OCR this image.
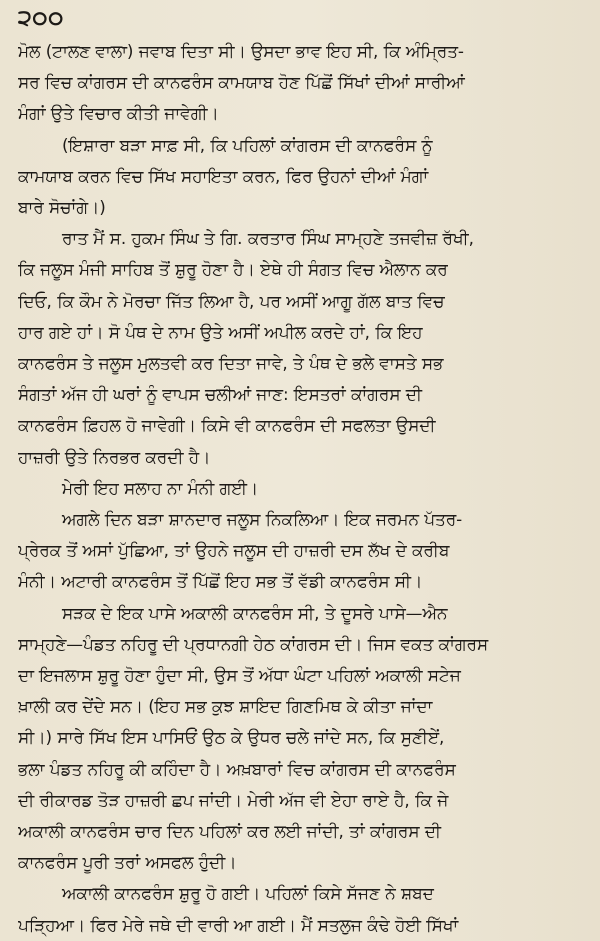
੨੦੦
ਮੋਲ (ਟਾਲਣ ਵਾਲਾ) ਜਵਾਬ ਦਿਤਾ ਸੀ। ਉਸਦਾ ਭਾਵ ਇਹ ਸੀ, ਕਿ ਅੰਮ੍ਰਿਤ-
ਸਰ ਵਿਚ ਕਾਂਗਰਸ ਦੀ ਕਾਨਫਰੰਸ ਕਾਮਯਾਬ ਹੋਣ ਪਿੱਛੋਂ ਸਿੱਖਾਂ ਦੀਆਂ ਸਾਰੀਆਂ
ਮੰਗਾਂ ਉਤੇ ਵਿਚਾਰ ਕੀਤੀ ਜਾਵੇਗੀ।
(ਇਸ਼ਾਰਾ ਬੜਾ ਸਾਫ਼ ਸੀ, ਕਿ ਪਹਿਲਾਂ ਕਾਂਗਰਸ ਦੀ ਕਾਨਫਰੰਸ ਨੂੰ
ਕਾਮਯਾਬ ਕਰਨ ਵਿਚ ਸਿੱਖ ਸਹਾਇਤਾ ਕਰਨ, ਫਿਰ ਉਹਨਾਂ ਦੀਆਂ ਮੰਗਾਂ
ਬਾਰੇ ਸੋਚਾਂਗੇ।)
ਰਾਤ ਮੈਂ ਸ. ਹੁਕਮ ਸਿੰਘ ਤੇ ਗਿ. ਕਰਤਾਰ ਸਿੰਘ ਸਾਮ੍ਹਣੇ ਤਜਵੀਜ਼ ਰੱਖੀ,
ਕਿ ਜਲੂਸ ਮੰਜੀ ਸਾਹਿਬ ਤੋਂ ਸ਼ੁਰੂ ਹੋਣਾ ਹੈ। ਏਥੇ ਹੀ ਸੰਗਤ ਵਿਚ ਐਲਾਨ ਕਰ
ਦਿਓ, ਕਿ ਕੌਮ ਨੇ ਮੋਰਚਾ ਜਿੱਤ ਲਿਆ ਹੈ, ਪਰ ਅਸੀਂ ਆਗੂ ਗੱਲ ਬਾਤ ਵਿਚ
ਹਾਰ ਗਏ ਹਾਂ। ਸੋ ਪੰਥ ਦੇ ਨਾਮ ਉਤੇ ਅਸੀਂ ਅਪੀਲ ਕਰਦੇ ਹਾਂ, ਕਿ ਇਹ
ਕਾਨਫਰੰਸ ਤੇ ਜਲੂਸ ਮੁਲਤਵੀ ਕਰ ਦਿਤਾ ਜਾਵੇ, ਤੇ ਪੰਥ ਦੇ ਭਲੇ ਵਾਸਤੇ ਸਭ
ਸੰਗਤਾਂ ਅੱਜ ਹੀ ਘਰਾਂ ਨੂੰ ਵਾਪਸ ਚਲੀਆਂ ਜਾਣ: ਇਸਤਰਾਂ ਕਾਂਗਰਸ ਦੀ
ਕਾਨਫਰੰਸ ਫ਼ਿਹਲ ਹੋ ਜਾਵੇਗੀ। ਕਿਸੇ ਵੀ ਕਾਨਫਰੰਸ ਦੀ ਸਫਲਤਾ ਉਸਦੀ
ਹਾਜ਼ਰੀ ਉਤੇ ਨਿਰਭਰ ਕਰਦੀ ਹੈ।
ਮੇਰੀ ਇਹ ਸਲਾਹ ਨਾ ਮੰਨੀ ਗਈ।
ਅਗਲੇ ਦਿਨ ਬੜਾ ਸ਼ਾਨਦਾਰ ਜਲੂਸ ਨਿਕਲਿਆ। ਇਕ ਜਰਮਨ ਪੱਤਰ-
ਪ੍ਰੇਰਕ ਤੋਂ ਅਸਾਂ ਪੁੱਛਿਆ, ਤਾਂ ਉਹਨੇ ਜਲੂਸ ਦੀ ਹਾਜ਼ਰੀ ਦਸ ਲੱਖ ਦੇ ਕਰੀਬ
ਮੰਨੀ। ਅਟਾਰੀ ਕਾਨਫਰੰਸ ਤੋਂ ਪਿੱਛੋਂ ਇਹ ਸਭ ਤੋਂ ਵੱਡੀ ਕਾਨਫਰੰਸ ਸੀ।
ਸੜਕ ਦੇ ਇਕ ਪਾਸੇ ਅਕਾਲੀ ਕਾਨਫਰੰਸ ਸੀ, ਤੇ ਦੂਸਰੇ ਪਾਸੇ—ਐਨ
ਸਾਮ੍ਹਣੇ—ਪੰਡਤ ਨਹਿਰੂ ਦੀ ਪ੍ਰਧਾਨਗੀ ਹੇਠ ਕਾਂਗਰਸ ਦੀ। ਜਿਸ ਵਕਤ ਕਾਂਗਰਸ
ਦਾ ਇਜਲਾਸ ਸ਼ੁਰੂ ਹੋਣਾ ਹੁੰਦਾ ਸੀ, ਉਸ ਤੋਂ ਅੱਧਾ ਘੰਟਾ ਪਹਿਲਾਂ ਅਕਾਲੀ ਸਟੇਜ
ਖ਼ਾਲੀ ਕਰ ਦੇਂਦੇ ਸਨ। (ਇਹ ਸਭ ਕੁਝ ਸ਼ਾਇਦ ਗਿਣਮਿਥ ਕੇ ਕੀਤਾ ਜਾਂਦਾ
ਸੀ।) ਸਾਰੇ ਸਿੱਖ ਇਸ ਪਾਸਿਓਂ ਉਠ ਕੇ ਉਧਰ ਚਲੇ ਜਾਂਦੇ ਸਨ, ਕਿ ਸੁਣੀਏਂ,
ਭਲਾ ਪੰਡਤ ਨਹਿਰੂ ਕੀ ਕਹਿੰਦਾ ਹੈ। ਅਖ਼ਬਾਰਾਂ ਵਿਚ ਕਾਂਗਰਸ ਦੀ ਕਾਨਫਰੰਸ
ਦੀ ਰੀਕਾਰਡ ਤੋੜ ਹਾਜ਼ਰੀ ਛਪ ਜਾਂਦੀ। ਮੇਰੀ ਅੱਜ ਵੀ ਏਹਾ ਰਾਏ ਹੈ, ਕਿ ਜੇ
ਅਕਾਲੀ ਕਾਨਫਰੰਸ ਚਾਰ ਦਿਨ ਪਹਿਲਾਂ ਕਰ ਲਈ ਜਾਂਦੀ, ਤਾਂ ਕਾਂਗਰਸ ਦੀ
ਕਾਨਫਰੰਸ ਪੂਰੀ ਤਰਾਂ ਅਸਫਲ ਹੁੰਦੀ।
ਅਕਾਲੀ ਕਾਨਫਰੰਸ ਸ਼ੁਰੂ ਹੋ ਗਈ। ਪਹਿਲਾਂ ਕਿਸੇ ਸੱਜਣ ਨੇ ਸ਼ਬਦ
ਪੜ੍ਹਿਆ। ਫਿਰ ਮੇਰੇ ਜਥੇ ਦੀ ਵਾਰੀ ਆ ਗਈ। ਮੈਂ ਸਤਲੁਜ ਕੰਢੇ ਹੋਈ ਸਿੱਖਾਂ
